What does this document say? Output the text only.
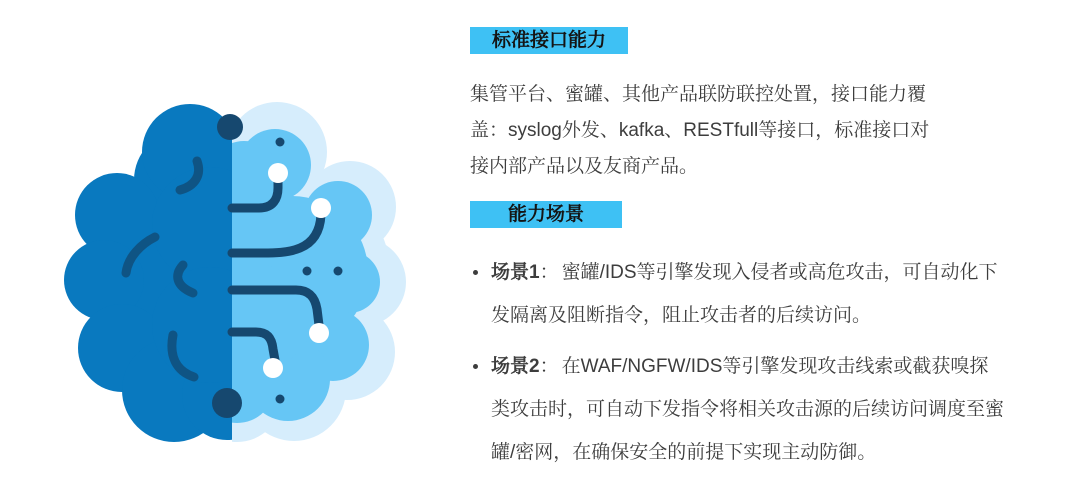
标准接口能力
集管平台、蜜罐、其他产品联防联控处置，接口能力覆
盖：syslog外发、kafka、RESTfull等接口，标准接口对
接内部产品以及友商产品。
能力场景
场景1： 蜜罐/IDS等引擎发现入侵者或高危攻击，可自动化下
发隔离及阻断指令，阻止攻击者的后续访问。
场景2： 在WAF/NGFW/IDS等引擎发现攻击线索或截获嗅探
类攻击时，可自动下发指令将相关攻击源的后续访问调度至蜜
罐/密网，在确保安全的前提下实现主动防御。
